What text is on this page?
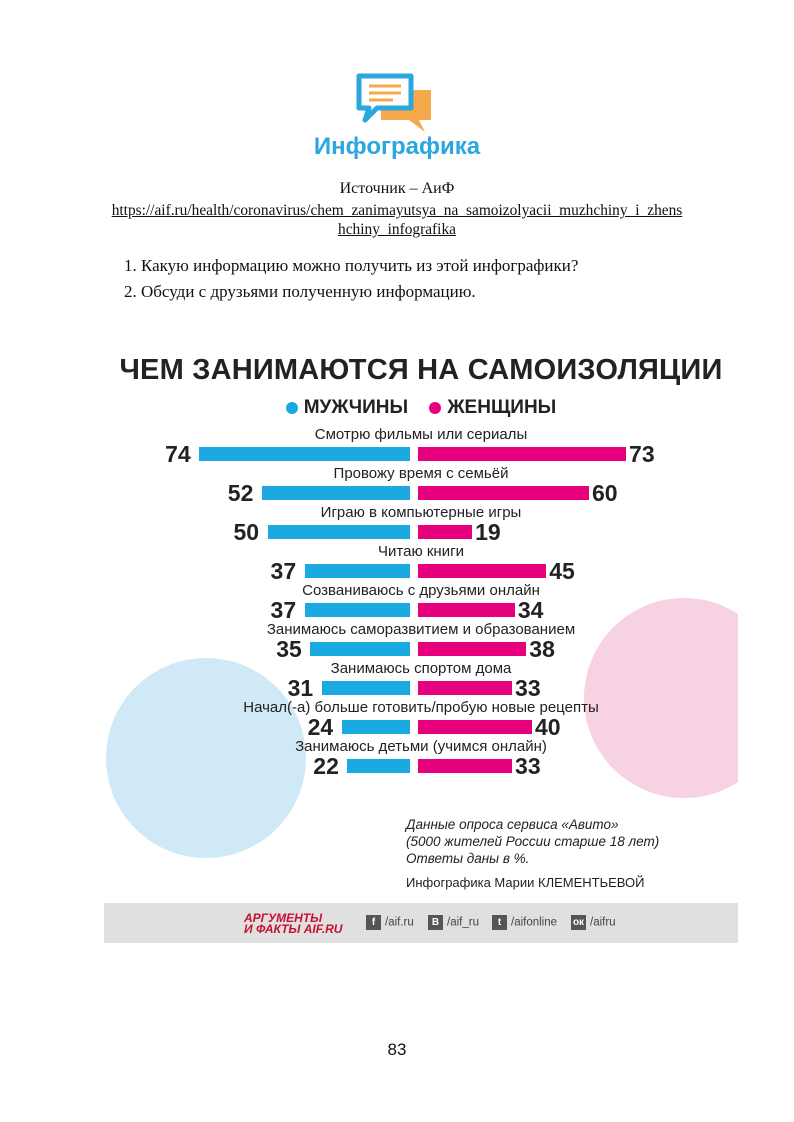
Инфографика
Источник – АиФ
https://aif.ru/health/coronavirus/chem_zanimayutsya_na_samoizolyacii_muzhchiny_i_zhens
hchiny_infografika
1. Какую информацию можно получить из этой инфографики?
2. Обсуди с друзьями полученную информацию.
ЧЕМ ЗАНИМАЮТСЯ НА САМОИЗОЛЯЦИИ
МУЖЧИНЫ ЖЕНЩИНЫ
Смотрю фильмы или сериалы
74	73
Провожу время с семьёй
52	60
Играю в компьютерные игры
50	19
Читаю книги
37	45
Созваниваюсь с друзьями онлайн
37	34
Занимаюсь саморазвитием и образованием
35	38
Занимаюсь спортом дома
31	33
Начал(-а) больше готовить/пробую новые рецепты
24	40
Занимаюсь детьми (учимся онлайн)
22	33
Данные опроса сервиса «Авито»
(5000 жителей России старше 18 лет)
Ответы даны в %.
Инфографика Марии КЛЕМЕНТЬЕВОЙ
АРГУМЕНТЫ
И ФАКТЫ AIF.RU	f /aif.ru	В /aif_ru	t /aifonline ок /aifru
83
